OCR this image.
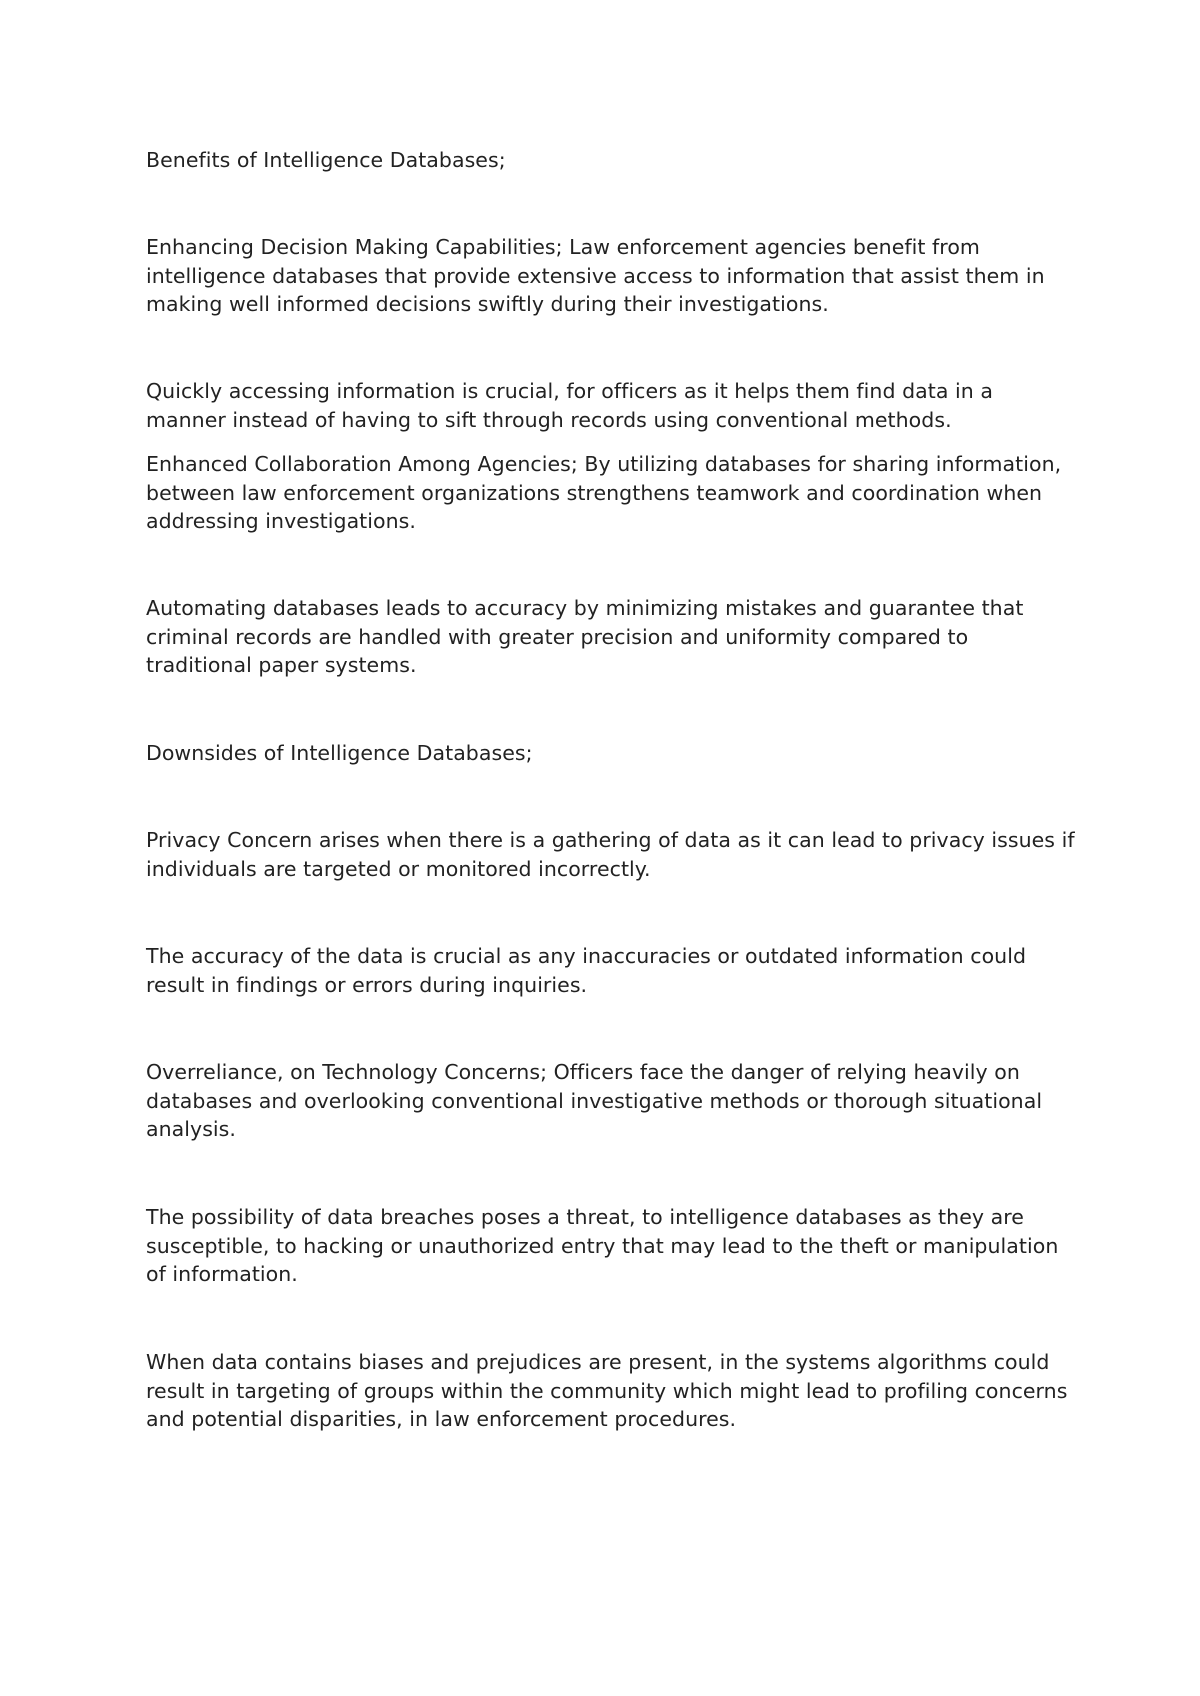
Benefits of Intelligence Databases;

Enhancing Decision Making Capabilities; Law enforcement agencies benefit from intelligence databases that provide extensive access to information that assist them in making well informed decisions swiftly during their investigations.

Quickly accessing information is crucial, for officers as it helps them find data in a manner instead of having to sift through records using conventional methods.

Enhanced Collaboration Among Agencies; By utilizing databases for sharing information, between law enforcement organizations strengthens teamwork and coordination when addressing investigations.

Automating databases leads to accuracy by minimizing mistakes and guarantee that criminal records are handled with greater precision and uniformity compared to traditional paper systems.

Downsides of Intelligence Databases;

Privacy Concern arises when there is a gathering of data as it can lead to privacy issues if individuals are targeted or monitored incorrectly.

The accuracy of the data is crucial as any inaccuracies or outdated information could result in findings or errors during inquiries.

Overreliance, on Technology Concerns; Officers face the danger of relying heavily on databases and overlooking conventional investigative methods or thorough situational analysis.

The possibility of data breaches poses a threat, to intelligence databases as they are susceptible, to hacking or unauthorized entry that may lead to the theft or manipulation of information.

When data contains biases and prejudices are present, in the systems algorithms could result in targeting of groups within the community which might lead to profiling concerns and potential disparities, in law enforcement procedures.
